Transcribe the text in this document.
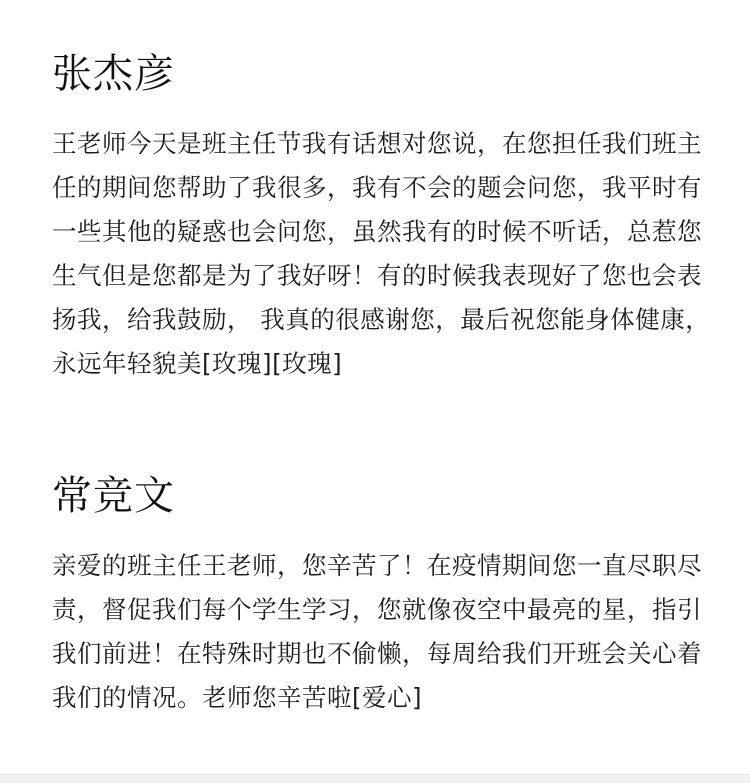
张杰彦

王老师今天是班主任节我有话想对您说，在您担任我们班主任的期间您帮助了我很多，我有不会的题会问您，我平时有一些其他的疑惑也会问您，虽然我有的时候不听话，总惹您生气但是您都是为了我好呀！有的时候我表现好了您也会表扬我，给我鼓励， 我真的很感谢您，最后祝您能身体健康，永远年轻貌美[玫瑰][玫瑰]

常竞文

亲爱的班主任王老师，您辛苦了！在疫情期间您一直尽职尽责，督促我们每个学生学习，您就像夜空中最亮的星，指引我们前进！在特殊时期也不偷懒，每周给我们开班会关心着我们的情况。老师您辛苦啦[爱心]
